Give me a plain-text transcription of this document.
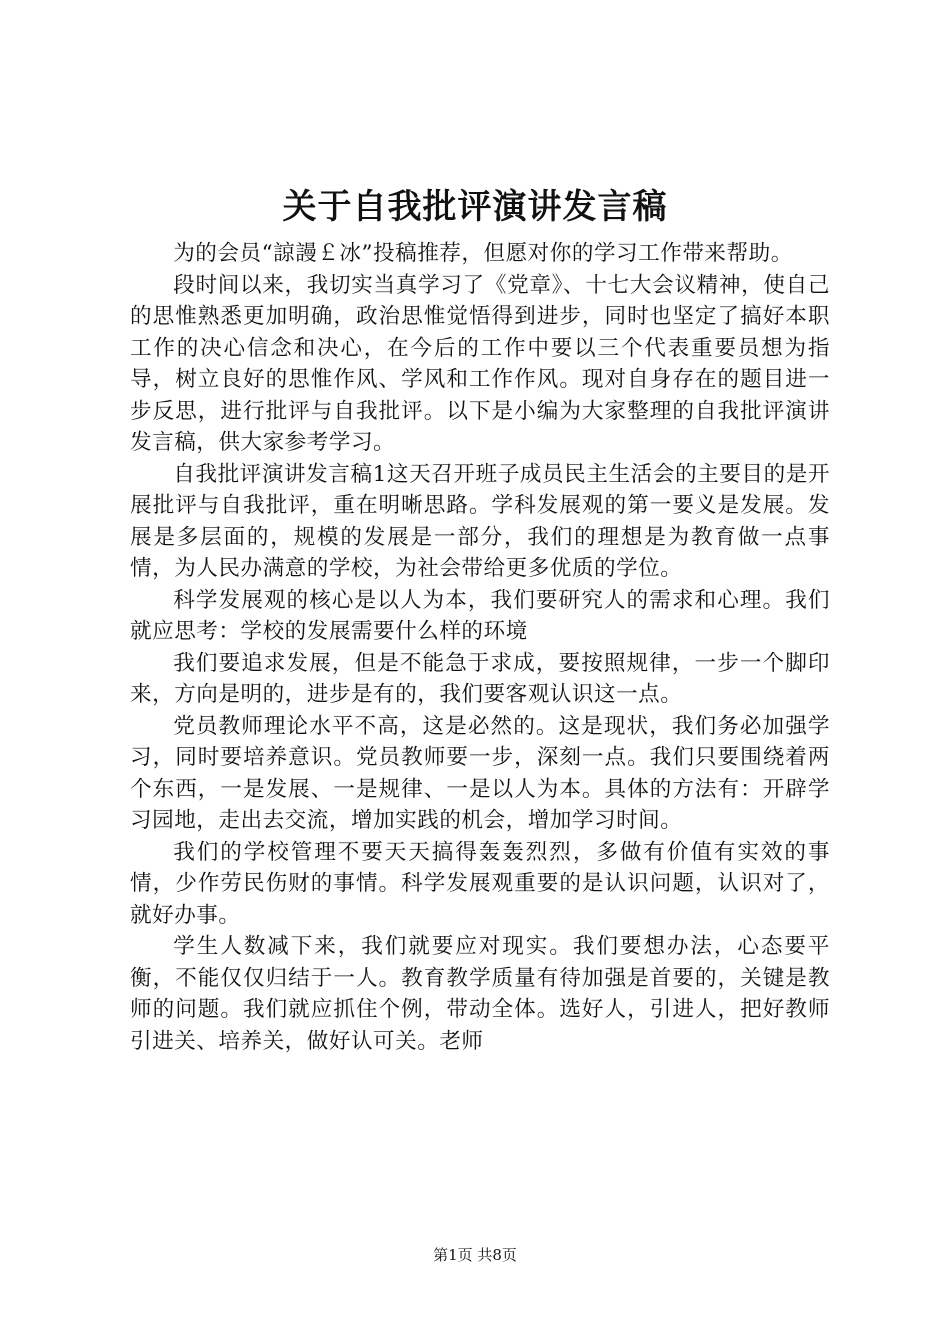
关于自我批评演讲发言稿

为的会员“諒謾￡冰”投稿推荐，但愿对你的学习工作带来帮助。

段时间以来，我切实当真学习了《党章》、十七大会议精神，使自己的思惟熟悉更加明确，政治思惟觉悟得到进步，同时也坚定了搞好本职工作的决心信念和决心，在今后的工作中要以三个代表重要员想为指导，树立良好的思惟作风、学风和工作作风。现对自身存在的题目进一步反思，进行批评与自我批评。以下是小编为大家整理的自我批评演讲发言稿，供大家参考学习。

自我批评演讲发言稿1这天召开班子成员民主生活会的主要目的是开展批评与自我批评，重在明晰思路。学科发展观的第一要义是发展。发展是多层面的，规模的发展是一部分，我们的理想是为教育做一点事情，为人民办满意的学校，为社会带给更多优质的学位。

科学发展观的核心是以人为本，我们要研究人的需求和心理。我们就应思考：学校的发展需要什么样的环境

我们要追求发展，但是不能急于求成，要按照规律，一步一个脚印来，方向是明的，进步是有的，我们要客观认识这一点。

党员教师理论水平不高，这是必然的。这是现状，我们务必加强学习，同时要培养意识。党员教师要一步，深刻一点。我们只要围绕着两个东西，一是发展、一是规律、一是以人为本。具体的方法有：开辟学习园地，走出去交流，增加实践的机会，增加学习时间。

我们的学校管理不要天天搞得轰轰烈烈，多做有价值有实效的事情，少作劳民伤财的事情。科学发展观重要的是认识问题，认识对了，就好办事。

学生人数减下来，我们就要应对现实。我们要想办法，心态要平衡，不能仅仅归结于一人。教育教学质量有待加强是首要的，关键是教师的问题。我们就应抓住个例，带动全体。选好人，引进人，把好教师引进关、培养关，做好认可关。老师

第1页 共8页
